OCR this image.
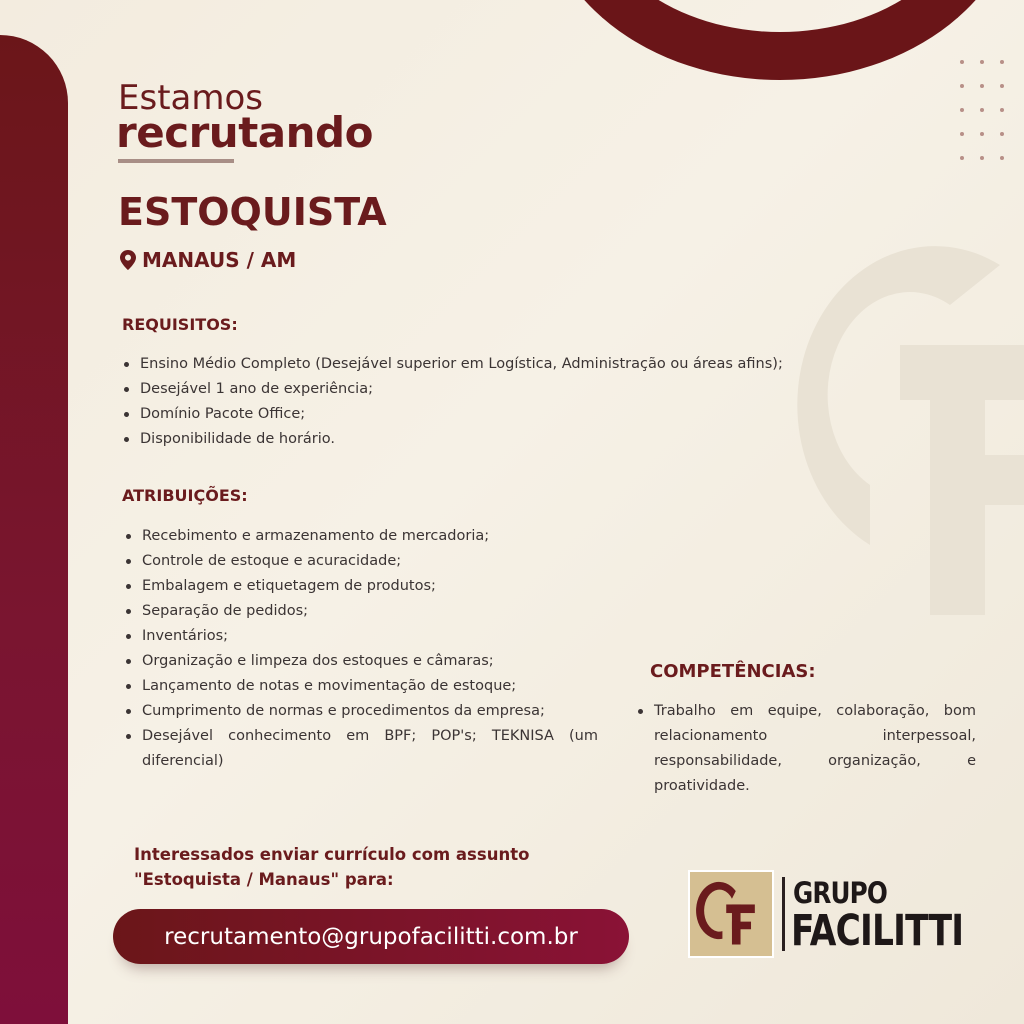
Estamos
recrutando
ESTOQUISTA
MANAUS / AM
REQUISITOS:
Ensino Médio Completo (Desejável superior em Logística, Administração ou áreas afins);
Desejável 1 ano de experiência;
Domínio Pacote Office;
Disponibilidade de horário.
ATRIBUIÇÕES:
Recebimento e armazenamento de mercadoria;
Controle de estoque e acuracidade;
Embalagem e etiquetagem de produtos;
Separação de pedidos;
Inventários;
Organização e limpeza dos estoques e câmaras;
Lançamento de notas e movimentação de estoque;
Cumprimento de normas e procedimentos da empresa;
Desejável conhecimento em BPF; POP's; TEKNISA (um diferencial)
COMPETÊNCIAS:
Trabalho em equipe, colaboração, bom relacionamento interpessoal, responsabilidade, organização, e proatividade.
Interessados enviar currículo com assunto
"Estoquista / Manaus" para:
recrutamento@grupofacilitti.com.br
GRUPO
FACILITTI
